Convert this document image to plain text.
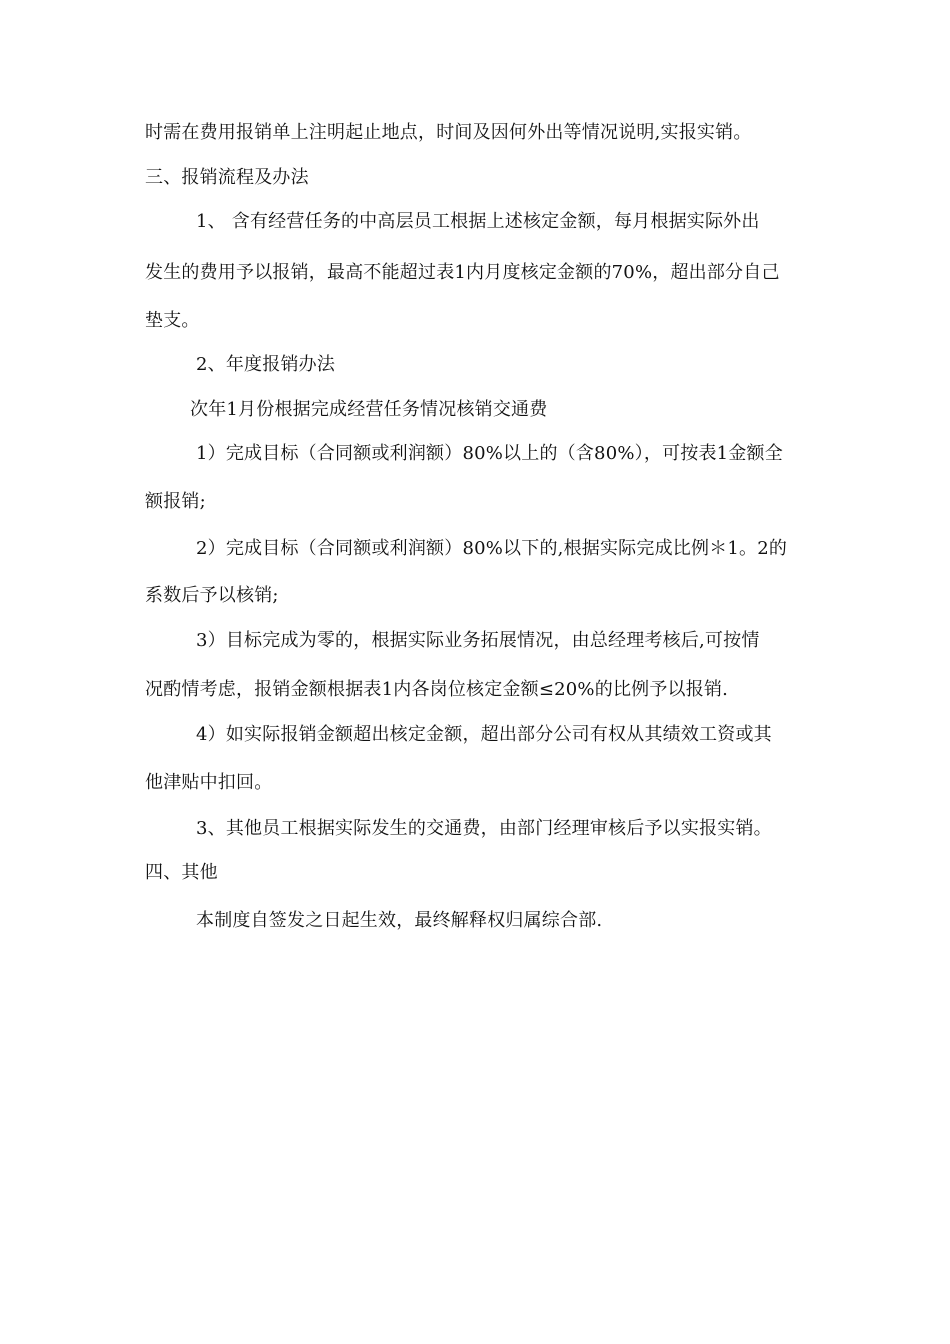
时需在费用报销单上注明起止地点，时间及因何外出等情况说明,实报实销。
三、报销流程及办法
1、 含有经营任务的中高层员工根据上述核定金额，每月根据实际外出
发生的费用予以报销，最高不能超过表1内月度核定金额的70%，超出部分自己
垫支。
2、年度报销办法
次年1月份根据完成经营任务情况核销交通费
1）完成目标（合同额或利润额）80%以上的（含80%），可按表1金额全
额报销;
2）完成目标（合同额或利润额）80%以下的,根据实际完成比例＊1。2的
系数后予以核销;
3）目标完成为零的，根据实际业务拓展情况，由总经理考核后,可按情
况酌情考虑，报销金额根据表1内各岗位核定金额≤20%的比例予以报销.
4）如实际报销金额超出核定金额，超出部分公司有权从其绩效工资或其
他津贴中扣回。
3、其他员工根据实际发生的交通费，由部门经理审核后予以实报实销。
四、其他
本制度自签发之日起生效，最终解释权归属综合部.
